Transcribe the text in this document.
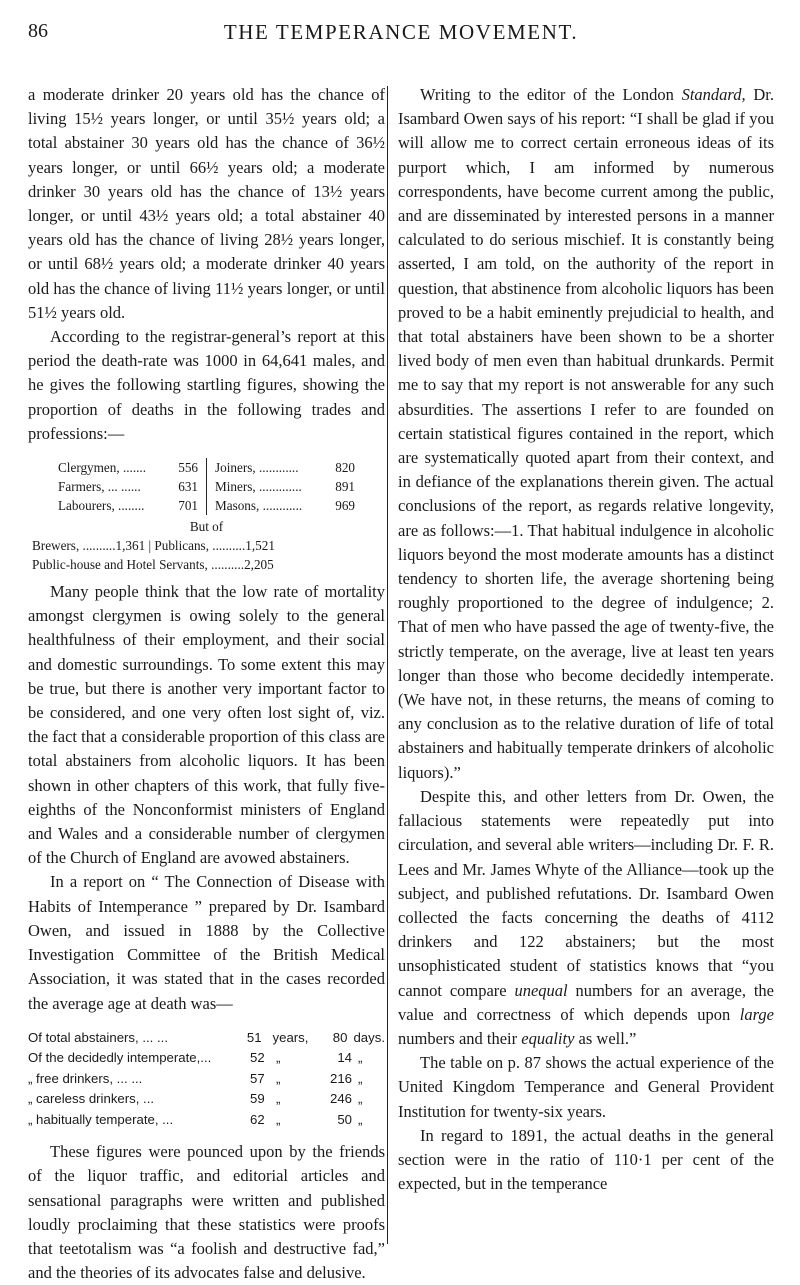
86	THE TEMPERANCE MOVEMENT.

a moderate drinker 20 years old has the chance of living 15½ years longer, or until 35½ years old; a total abstainer 30 years old has the chance of 36½ years longer, or until 66½ years old; a moderate drinker 30 years old has the chance of 13½ years longer, or until 43½ years old; a total abstainer 40 years old has the chance of living 28½ years longer, or until 68½ years old; a moderate drinker 40 years old has the chance of living 11½ years longer, or until 51½ years old.

According to the registrar-general’s report at this period the death-rate was 1000 in 64,641 males, and he gives the following startling figures, showing the proportion of deaths in the following trades and professions:—

Clergymen, .......	556
Farmers, ... ......	631
Labourers, ........	701
Joiners, ............	820
Miners, .............	891
Masons, ............	969
But of
Brewers, ..........1,361 | Publicans, ..........1,521
Public-house and Hotel Servants, ..........2,205

Many people think that the low rate of mortality amongst clergymen is owing solely to the general healthfulness of their employment, and their social and domestic surroundings. To some extent this may be true, but there is another very important factor to be considered, and one very often lost sight of, viz. the fact that a considerable proportion of this class are total abstainers from alcoholic liquors. It has been shown in other chapters of this work, that fully five-eighths of the Nonconformist ministers of England and Wales and a considerable number of clergymen of the Church of England are avowed abstainers.

In a report on “ The Connection of Disease with Habits of Intemperance ” prepared by Dr. Isambard Owen, and issued in 1888 by the Collective Investigation Committee of the British Medical Association, it was stated that in the cases recorded the average age at death was—

Of total abstainers, ... ...	51 years,	80 days.
Of the decidedly intemperate,...	52 „	14 „
„ free drinkers, ... ...	57 „	216 „
„ careless drinkers, ...	59 „	246 „
„ habitually temperate, ...	62 „	50 „

These figures were pounced upon by the friends of the liquor traffic, and editorial articles and sensational paragraphs were written and published loudly proclaiming that these statistics were proofs that teetotalism was “a foolish and destructive fad,” and the theories of its advocates false and delusive.

Writing to the editor of the London Standard, Dr. Isambard Owen says of his report: “I shall be glad if you will allow me to correct certain erroneous ideas of its purport which, I am informed by numerous correspondents, have become current among the public, and are disseminated by interested persons in a manner calculated to do serious mischief. It is constantly being asserted, I am told, on the authority of the report in question, that abstinence from alcoholic liquors has been proved to be a habit eminently prejudicial to health, and that total abstainers have been shown to be a shorter lived body of men even than habitual drunkards. Permit me to say that my report is not answerable for any such absurdities. The assertions I refer to are founded on certain statistical figures contained in the report, which are systematically quoted apart from their context, and in defiance of the explanations therein given. The actual conclusions of the report, as regards relative longevity, are as follows:—1. That habitual indulgence in alcoholic liquors beyond the most moderate amounts has a distinct tendency to shorten life, the average shortening being roughly proportioned to the degree of indulgence; 2. That of men who have passed the age of twenty-five, the strictly temperate, on the average, live at least ten years longer than those who become decidedly intemperate. (We have not, in these returns, the means of coming to any conclusion as to the relative duration of life of total abstainers and habitually temperate drinkers of alcoholic liquors).”

Despite this, and other letters from Dr. Owen, the fallacious statements were repeatedly put into circulation, and several able writers—including Dr. F. R. Lees and Mr. James Whyte of the Alliance—took up the subject, and published refutations. Dr. Isambard Owen collected the facts concerning the deaths of 4112 drinkers and 122 abstainers; but the most unsophisticated student of statistics knows that “you cannot compare unequal numbers for an average, the value and correctness of which depends upon large numbers and their equality as well.”

The table on p. 87 shows the actual experience of the United Kingdom Temperance and General Provident Institution for twenty-six years.

In regard to 1891, the actual deaths in the general section were in the ratio of 110·1 per cent of the expected, but in the temperance
